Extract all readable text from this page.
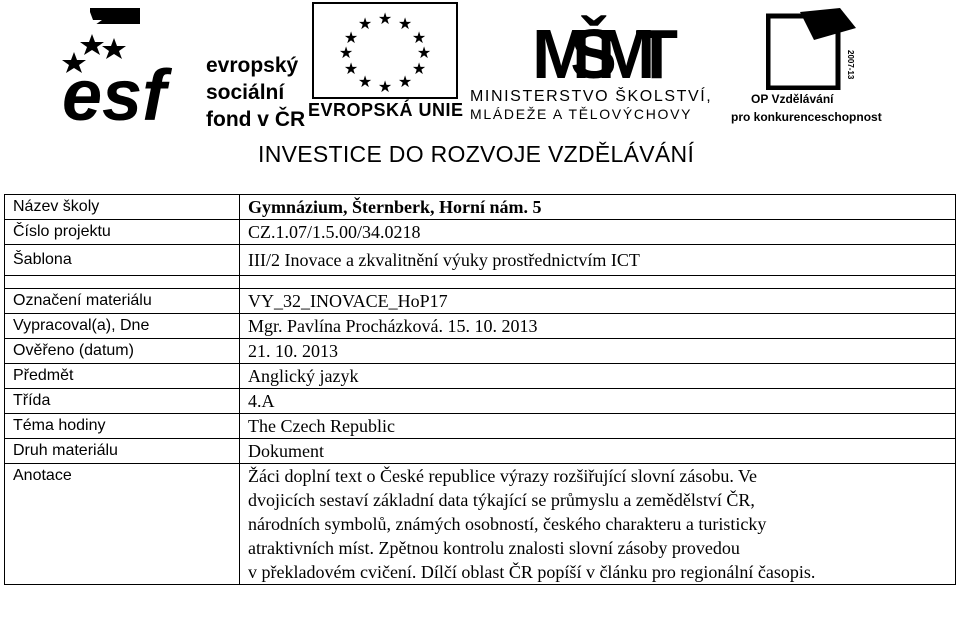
esf evropský
sociální
fond v ČR
★ ★
★
★
★
★
★
★
★
★
★
★
EVROPSKÁ UNIE
MŠMT
MINISTERSTVO ŠKOLSTVÍ,
MLÁDEŽE A TĚLOVÝCHOVY
2007-13
OP Vzdělávání
pro konkurenceschopnost
INVESTICE DO ROZVOJE VZDĚLÁVÁNÍ
Název školy	Gymnázium, Šternberk, Horní nám. 5
Číslo projektu	CZ.1.07/1.5.00/34.0218
Šablona	III/2 Inovace a zkvalitnění výuky prostřednictvím ICT

Označení materiálu	VY_32_INOVACE_HoP17
Vypracoval(a), Dne	Mgr. Pavlína Procházková. 15. 10. 2013
Ověřeno (datum)	21. 10. 2013
Předmět	Anglický jazyk
Třída	4.A
Téma hodiny	The Czech Republic
Druh materiálu	Dokument
Anotace	Žáci doplní text o České republice výrazy rozšiřující slovní zásobu. Ve
dvojicích sestaví základní data týkající se průmyslu a zemědělství ČR,
národních symbolů, známých osobností, českého charakteru a turisticky
atraktivních míst. Zpětnou kontrolu znalosti slovní zásoby provedou
v překladovém cvičení. Dílčí oblast ČR popíší v článku pro regionální časopis.
